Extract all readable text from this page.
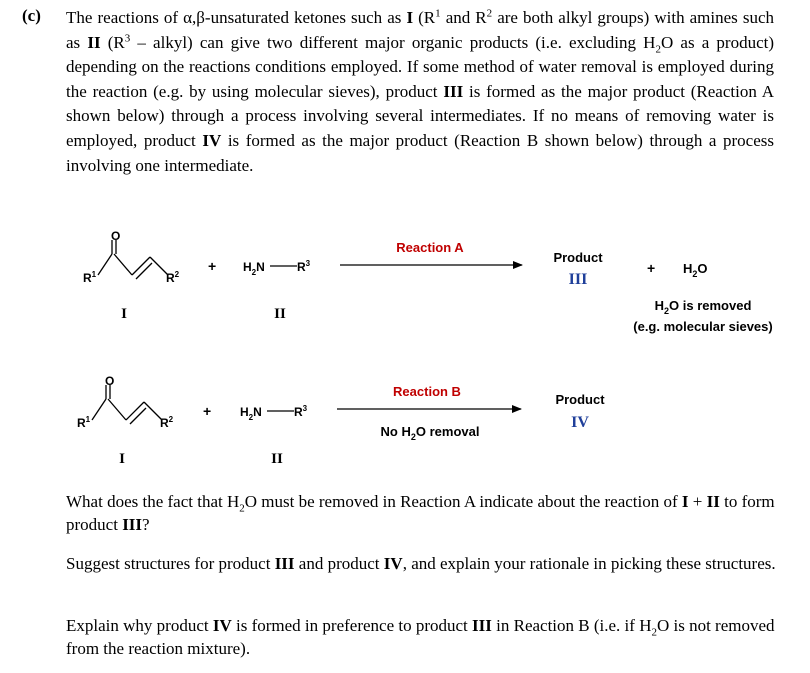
(c) The reactions of α,β-unsaturated ketones such as I ($R^1$ and $R^2$ are both alkyl groups) with amines such as II ($R^3$ – alkyl) can give two different major organic products (i.e. excluding $H_2O$ as a product) depending on the reactions conditions employed. If some method of water removal is employed during the reaction (e.g. by using molecular sieves), product III is formed as the major product (Reaction A shown below) through a process involving several intermediates. If no means of removing water is employed, product IV is formed as the major product (Reaction B shown below) through a process involving one intermediate.

O
$R^1$	$R^2$
+ $H_2N$	$R^3$
I	II
Reaction A
Product
III
+ $H_2O$
$H_2O$ is removed
(e.g. molecular sieves)
O
$R^1$	$R^2$
+ $H_2N$	$R^3$
I	II
Reaction B
No $H_2O$ removal
Product
IV

What does the fact that $H_2O$ must be removed in Reaction A indicate about the reaction of I + II to form product III?

Suggest structures for product III and product IV, and explain your rationale in picking these structures.

Explain why product IV is formed in preference to product III in Reaction B (i.e. if $H_2O$ is not removed from the reaction mixture).
